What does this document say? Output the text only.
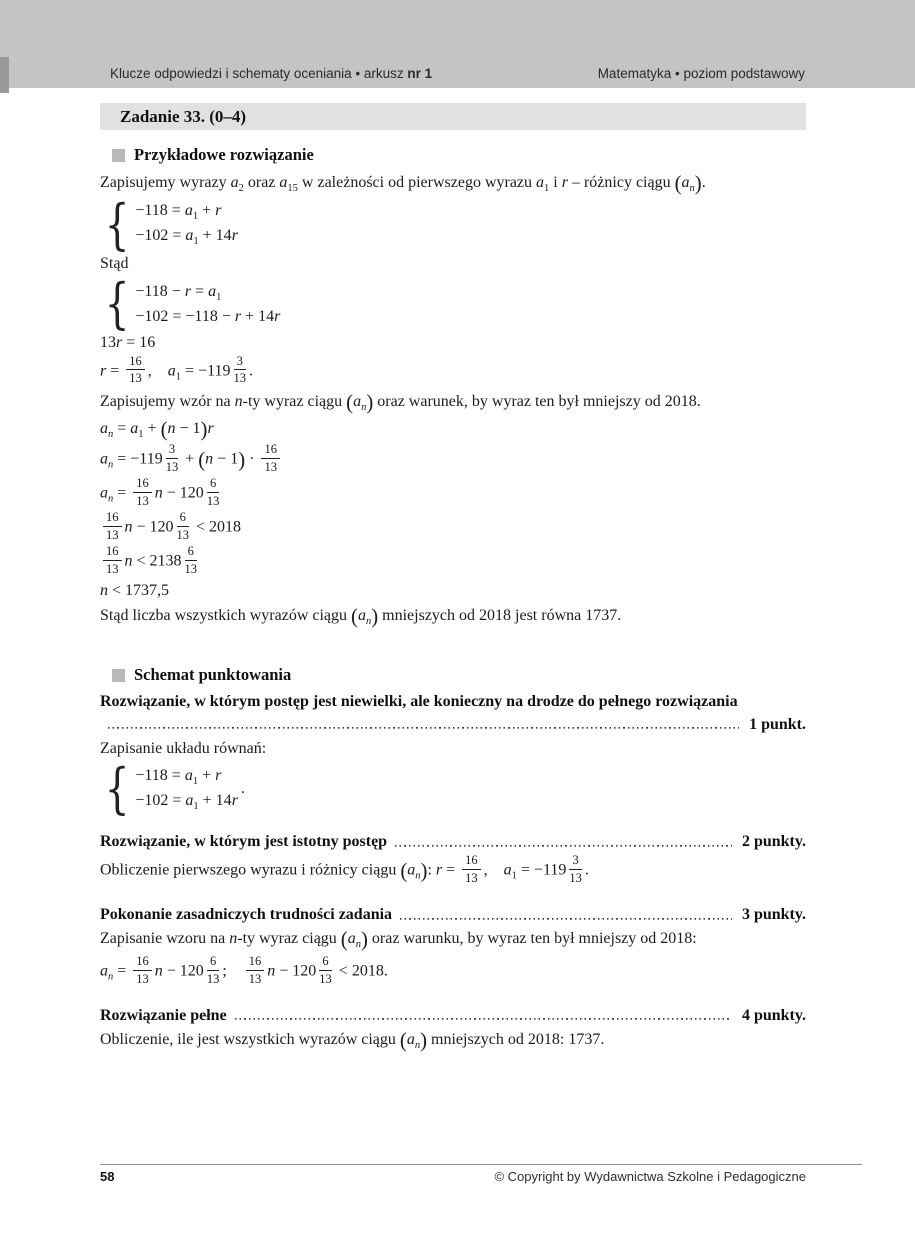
Klucze odpowiedzi i schematy oceniania • arkusz nr 1	Matematyka • poziom podstawowy
Zadanie 33. (0–4)
Przykładowe rozwiązanie
Zapisujemy wyrazy $a_2$ oraz $a_{15}$ w zależności od pierwszego wyrazu $a_1$ i r – różnicy ciągu $(a_n)$.
{ $-118 = a_1 + r$
$-102 = a_1 + 14r$
Stąd
{ $-118 - r = a_1$
−102 = −118 − r + 14r
13r = 16
$r = \frac{16}{13}$ ,    $a_1 = -119 \frac{3}{13}$ .
Zapisujemy wzór na n-ty wyraz ciągu $(a_n)$ oraz warunek, by wyraz ten był mniejszy od 2018.
$a_n = a_1 + (n - 1)r$
$a_n = -119 \frac{3}{13} + (n - 1) \cdot \frac{16}{13}$
$a_n = \frac{16}{13}$ $n - 120 \frac{6}{13}$
$\frac{16}{13}$ $n - 120 \frac{6}{13} < 2018$
$\frac{16}{13}$ $n < 2138 \frac{6}{13}$
n < 1737,5
Stąd liczba wszystkich wyrazów ciągu $(a_n)$ mniejszych od 2018 jest równa 1737.
Schemat punktowania
Rozwiązanie, w którym postęp jest niewielki, ale konieczny na drodze do pełnego rozwiązania
1 punkt.
Zapisanie układu równań:
{ $-118 = a_1 + r$
$-102 = a_1 + 14r$
.
Rozwiązanie, w którym jest istotny postęp	2 punkty.
Obliczenie pierwszego wyrazu i różnicy ciągu $(a_n)$: $r = \frac{16}{13}$ ,    $a_1 = -119 \frac{3}{13}$ .
Pokonanie zasadniczych trudności zadania	3 punkty.
Zapisanie wzoru na n-ty wyraz ciągu $(a_n)$ oraz warunku, by wyraz ten był mniejszy od 2018:
$a_n = \frac{16}{13}$ $n - 120 \frac{6}{13}$ ; $\frac{16}{13}$ $n - 120 \frac{6}{13} < 2018$.
Rozwiązanie pełne	4 punkty.
Obliczenie, ile jest wszystkich wyrazów ciągu $(a_n)$ mniejszych od 2018: 1737.
58	© Copyright by Wydawnictwa Szkolne i Pedagogiczne
